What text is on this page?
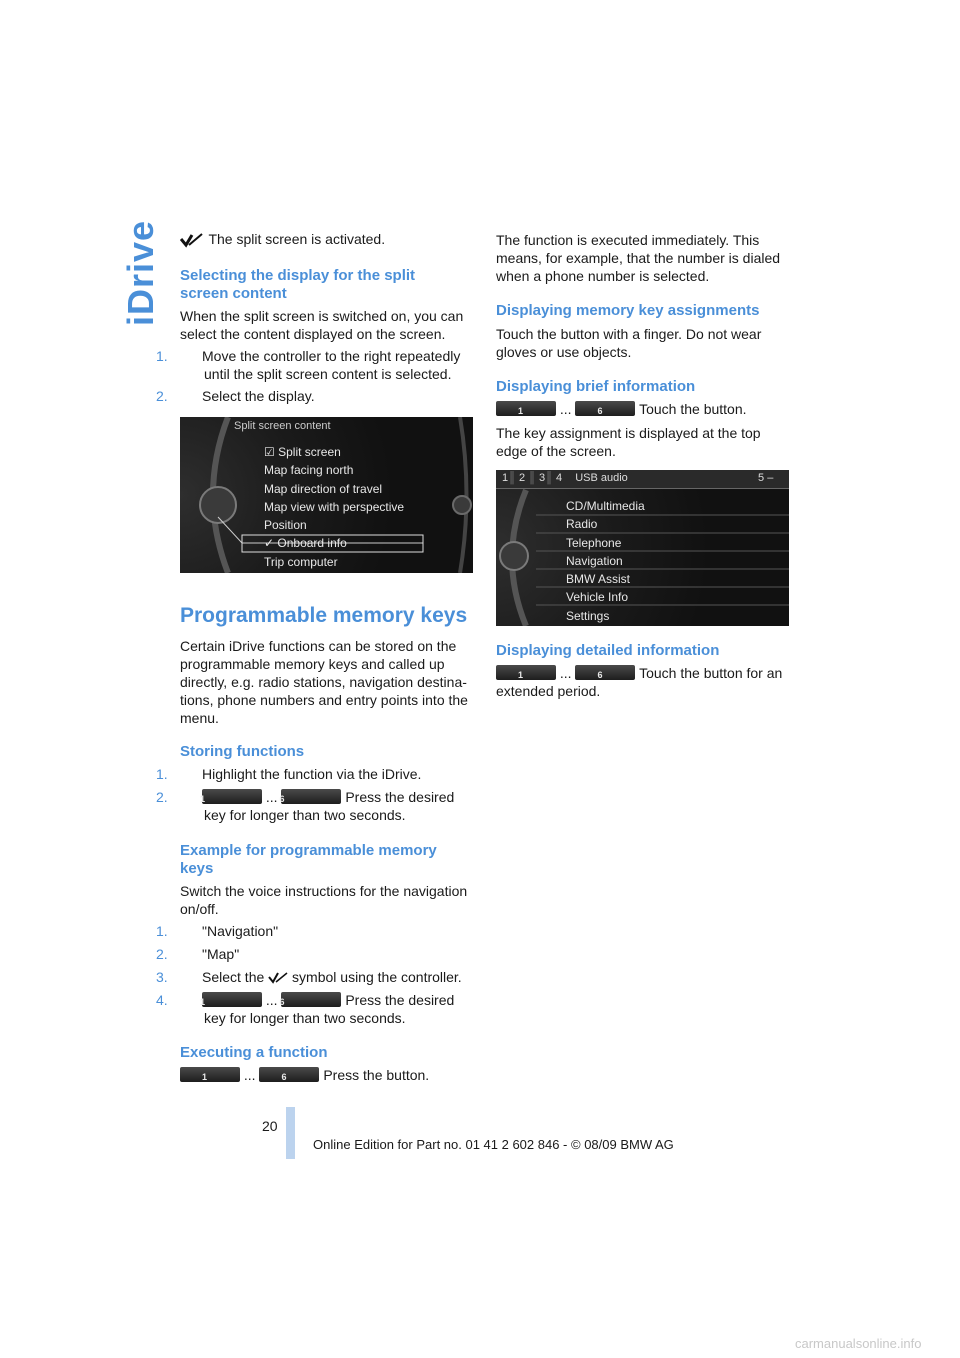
iDrive	The split screen is activated.
Selecting the display for the split screen content

When the split screen is switched on, you can select the content displayed on the screen.

1. Move the controller to the right repeatedly until the split screen content is selected.

2. Select the display.

Split screen content
☑ Split screen
Map facing north
Map direction of travel
Map view with perspective
Position
✓ Onboard info
Trip computer
Programmable memory keys

Certain iDrive functions can be stored on the programmable memory keys and called up directly, e.g. radio stations, navigation destina- tions, phone numbers and entry points into the menu.

Storing functions

1. Highlight the function via the iDrive.

2.	1	... 6	Press the desired key for longer than two seconds.

Example for programmable memory keys

Switch the voice instructions for the navigation on/off.

1. "Navigation"

2. "Map"

3. Select the symbol using the controller.

4.	1	... 6	Press the desired key for longer than two seconds.

Executing a function

1	...	6	Press the button.

The function is executed immediately. This means, for example, that the number is dialed when a phone number is selected.

Displaying memory key assignments

Touch the button with a finger. Do not wear gloves or use objects.

Displaying brief information

1	...	6	Touch the button.

The key assignment is displayed at the top edge of the screen.

1║ 2 ║ 3║ 4 USB audio	5 –
CD/Multimedia
Radio
Telephone
Navigation
BMW Assist
Vehicle Info
Settings
Displaying detailed information

1	...	6	Touch the button for an extended period.

20
Online Edition for Part no. 01 41 2 602 846 - © 08/09 BMW AG
carmanualsonline.info
